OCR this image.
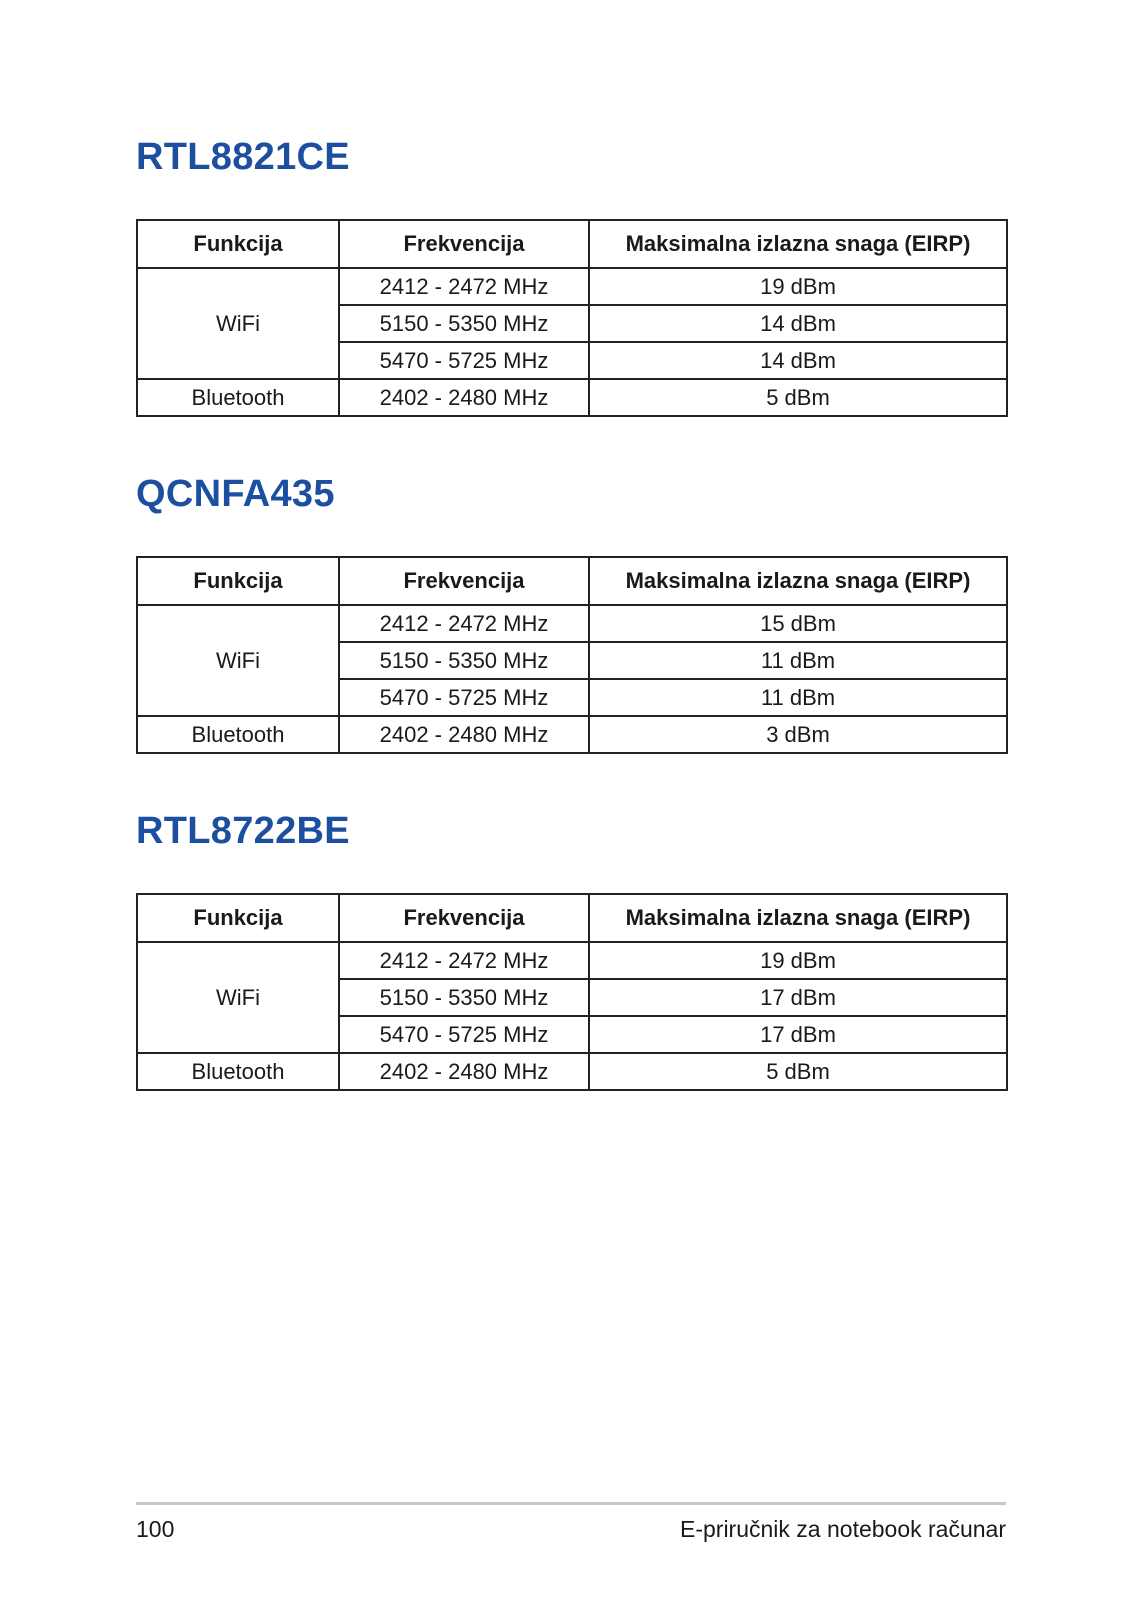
RTL8821CE
Funkcija	Frekvencija	Maksimalna izlazna snaga (EIRP)
WiFi	2412 - 2472 MHz	19 dBm
	5150 - 5350 MHz	14 dBm
	5470 - 5725 MHz	14 dBm
Bluetooth	2402 - 2480 MHz	5 dBm
QCNFA435
Funkcija	Frekvencija	Maksimalna izlazna snaga (EIRP)
WiFi	2412 - 2472 MHz	15 dBm
	5150 - 5350 MHz	11 dBm
	5470 - 5725 MHz	11 dBm
Bluetooth	2402 - 2480 MHz	3 dBm
RTL8722BE
Funkcija	Frekvencija	Maksimalna izlazna snaga (EIRP)
WiFi	2412 - 2472 MHz	19 dBm
	5150 - 5350 MHz	17 dBm
	5470 - 5725 MHz	17 dBm
Bluetooth	2402 - 2480 MHz	5 dBm
100	E-priručnik za notebook računar
